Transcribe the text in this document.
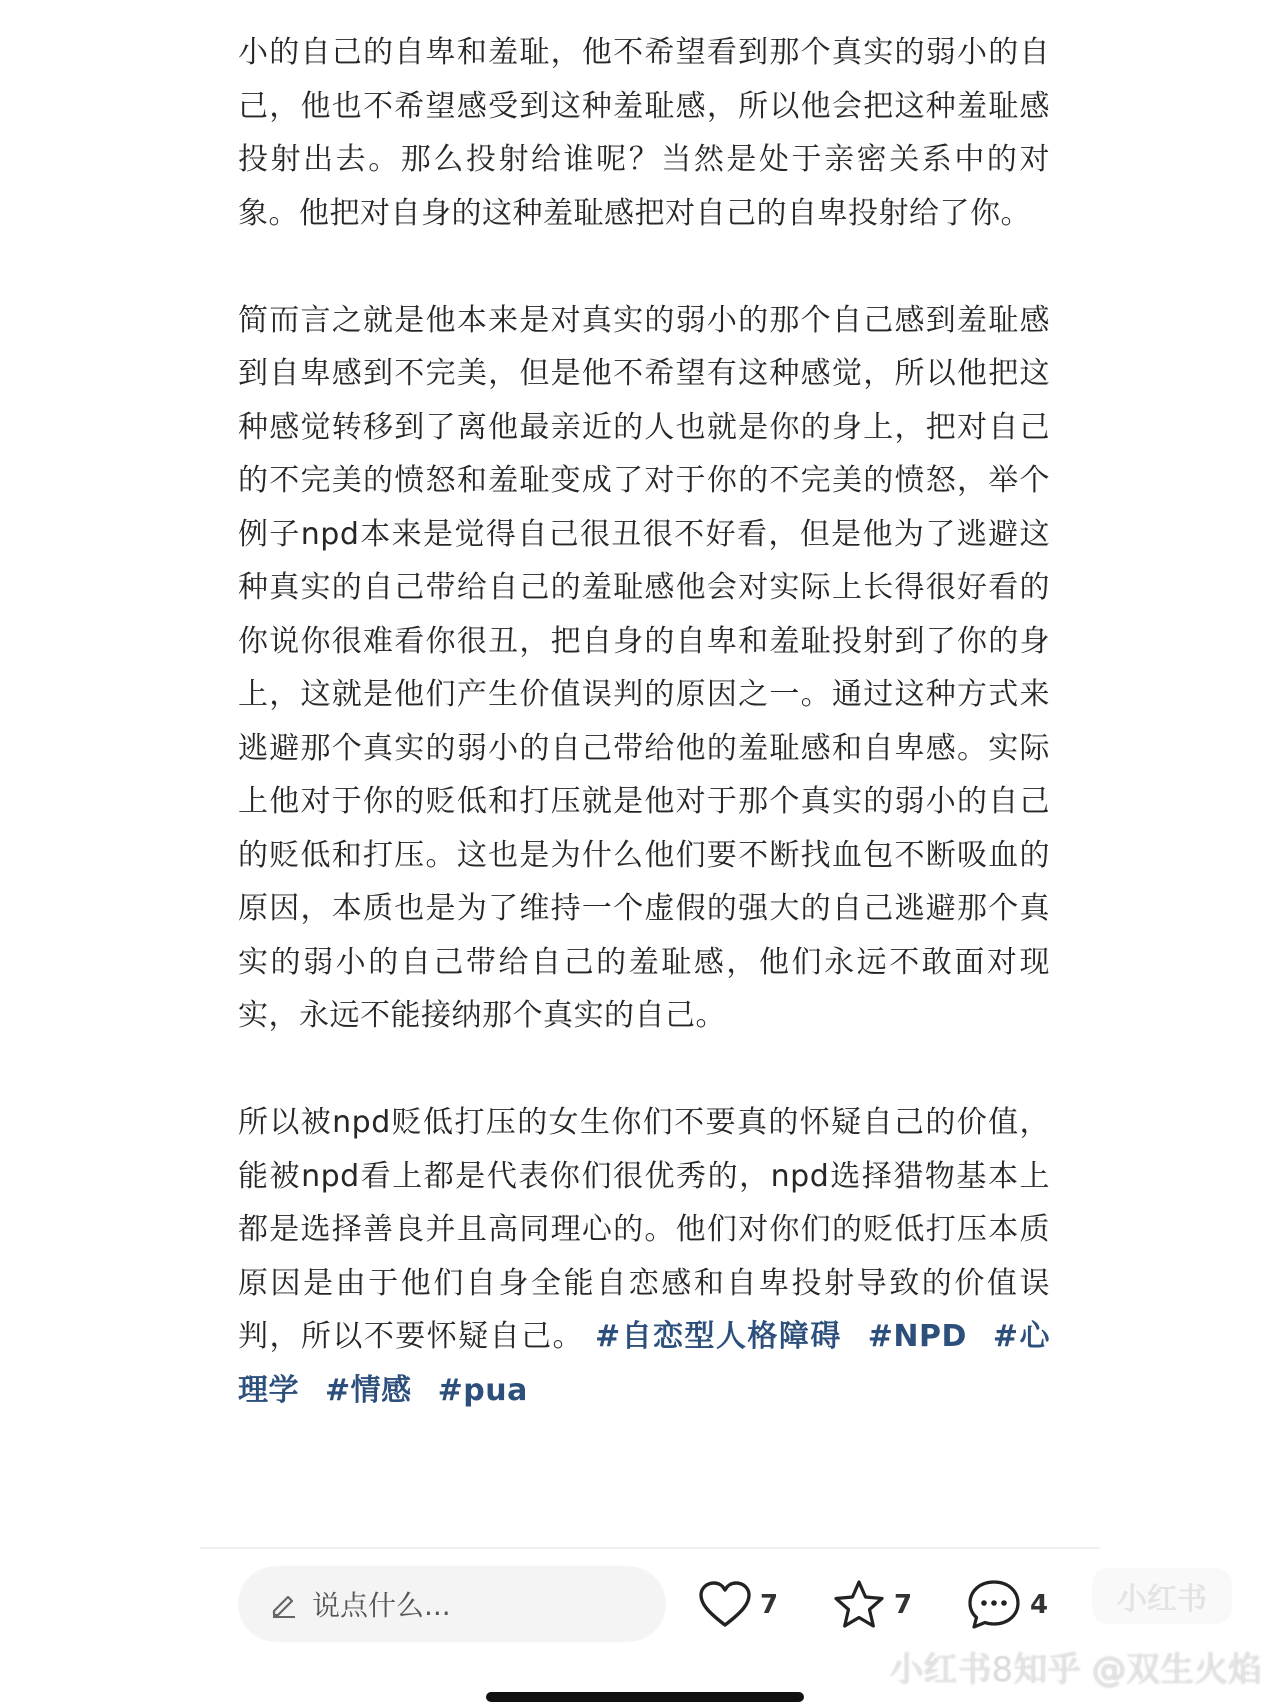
小的自己的自卑和羞耻，他不希望看到那个真实的弱小的自己，他也不希望感受到这种羞耻感，所以他会把这种羞耻感投射出去。那么投射给谁呢？当然是处于亲密关系中的对象。他把对自身的这种羞耻感把对自己的自卑投射给了你。

简而言之就是他本来是对真实的弱小的那个自己感到羞耻感到自卑感到不完美，但是他不希望有这种感觉，所以他把这种感觉转移到了离他最亲近的人也就是你的身上，把对自己的不完美的愤怒和羞耻变成了对于你的不完美的愤怒，举个例子npd本来是觉得自己很丑很不好看，但是他为了逃避这种真实的自己带给自己的羞耻感他会对实际上长得很好看的你说你很难看你很丑，把自身的自卑和羞耻投射到了你的身上，这就是他们产生价值误判的原因之一。通过这种方式来逃避那个真实的弱小的自己带给他的羞耻感和自卑感。实际上他对于你的贬低和打压就是他对于那个真实的弱小的自己的贬低和打压。这也是为什么他们要不断找血包不断吸血的原因，本质也是为了维持一个虚假的强大的自己逃避那个真实的弱小的自己带给自己的羞耻感，他们永远不敢面对现实，永远不能接纳那个真实的自己。

所以被npd贬低打压的女生你们不要真的怀疑自己的价值，能被npd看上都是代表你们很优秀的，npd选择猎物基本上都是选择善良并且高同理心的。他们对你们的贬低打压本质原因是由于他们自身全能自恋感和自卑投射导致的价值误判，所以不要怀疑自己。 #自恋型人格障碍 #NPD #心理学 #情感 #pua

说点什么...	7	7	4	小红书
小红书8知乎 @双生火焰
